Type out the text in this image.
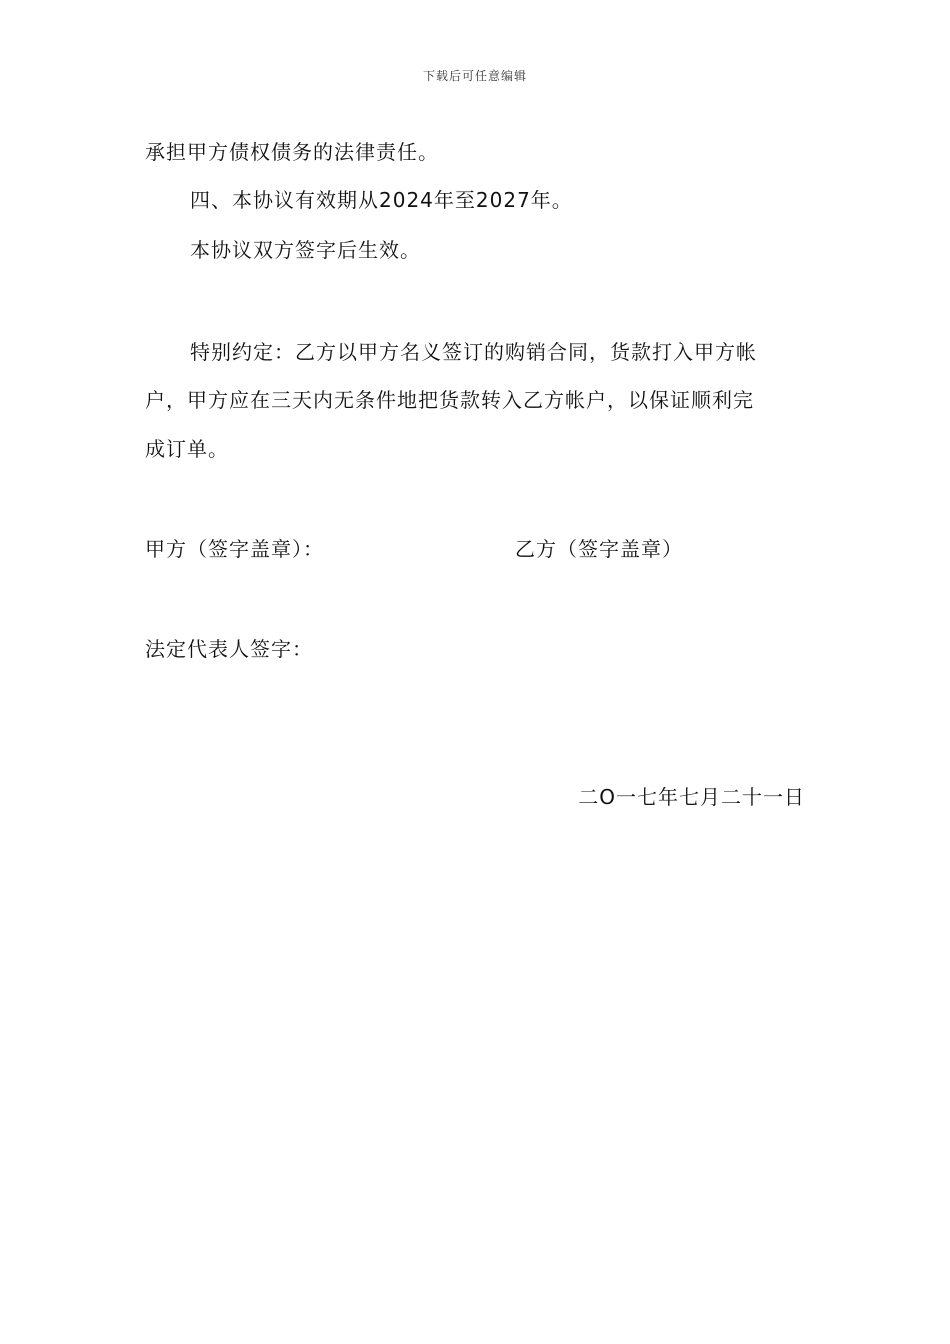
下载后可任意编辑
承担甲方债权债务的法律责任。
四、本协议有效期从2024年至2027年。
本协议双方签字后生效。
特别约定：乙方以甲方名义签订的购销合同，货款打入甲方帐
户，甲方应在三天内无条件地把货款转入乙方帐户，以保证顺利完
成订单。
甲方（签字盖章）：	乙方（签字盖章）
法定代表人签字：
二O一七年七月二十一日
